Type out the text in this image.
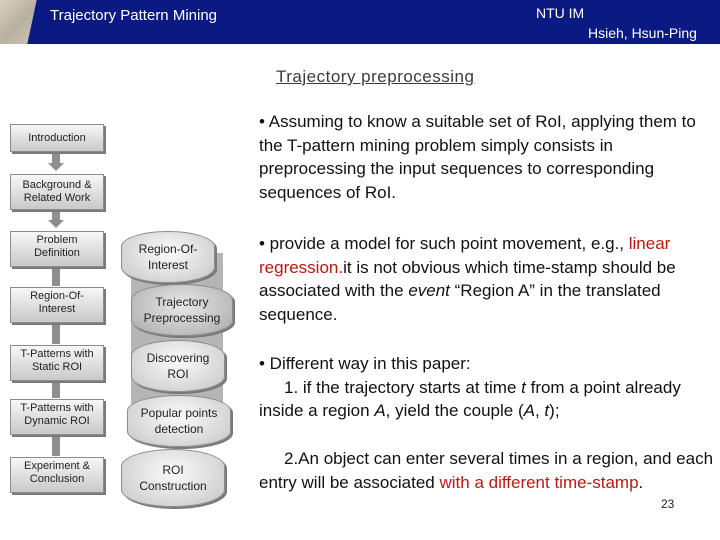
Trajectory Pattern Mining	NTU IM
Hsieh, Hsun-Ping
Trajectory preprocessing
Introduction
Background & Related Work
Problem Definition
Region-Of-Interest
T-Patterns with Static ROI
T-Patterns with Dynamic ROI
Experiment & Conclusion
Region-Of-Interest
Trajectory Preprocessing
Discovering ROI
Popular points detection
ROI Construction
• Assuming to know a suitable set of RoI, applying them to the T-pattern mining problem simply consists in preprocessing the input sequences to corresponding sequences of RoI.
• provide a model for such point movement, e.g., linear regression.it is not obvious which time-stamp should be associated with the event “Region A” in the translated sequence.
• Different way in this paper:
1. if the trajectory starts at time t from a point already inside a region A, yield the couple (A, t);
2.An object can enter several times in a region, and each entry will be associated with a different time-stamp.
23
